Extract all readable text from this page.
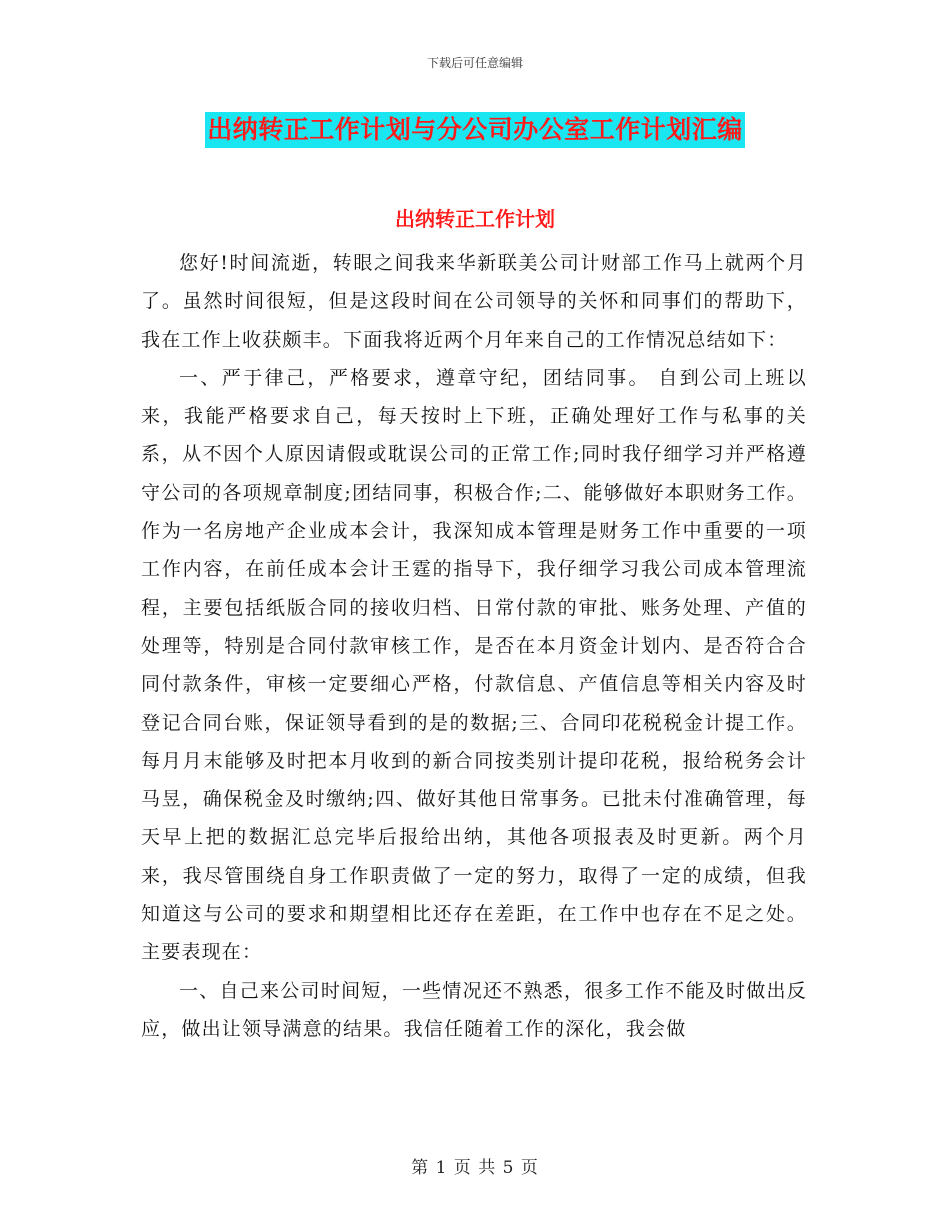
下载后可任意编辑
出纳转正工作计划与分公司办公室工作计划汇编
出纳转正工作计划

您好!时间流逝，转眼之间我来华新联美公司计财部工作马上就两个月了。虽然时间很短，但是这段时间在公司领导的关怀和同事们的帮助下，我在工作上收获颇丰。下面我将近两个月年来自己的工作情况总结如下：

一、严于律己，严格要求，遵章守纪，团结同事。 自到公司上班以来，我能严格要求自己，每天按时上下班，正确处理好工作与私事的关系，从不因个人原因请假或耽误公司的正常工作;同时我仔细学习并严格遵守公司的各项规章制度;团结同事，积极合作;二、能够做好本职财务工作。作为一名房地产企业成本会计，我深知成本管理是财务工作中重要的一项工作内容，在前任成本会计王霆的指导下，我仔细学习我公司成本管理流程，主要包括纸版合同的接收归档、日常付款的审批、账务处理、产值的处理等，特别是合同付款审核工作，是否在本月资金计划内、是否符合合同付款条件，审核一定要细心严格，付款信息、产值信息等相关内容及时登记合同台账，保证领导看到的是的数据;三、合同印花税税金计提工作。每月月末能够及时把本月收到的新合同按类别计提印花税，报给税务会计马昱，确保税金及时缴纳;四、做好其他日常事务。已批未付准确管理，每天早上把的数据汇总完毕后报给出纳，其他各项报表及时更新。两个月来，我尽管围绕自身工作职责做了一定的努力，取得了一定的成绩，但我知道这与公司的要求和期望相比还存在差距，在工作中也存在不足之处。主要表现在：

一、自己来公司时间短，一些情况还不熟悉，很多工作不能及时做出反应，做出让领导满意的结果。我信任随着工作的深化，我会做

第 1 页 共 5 页
